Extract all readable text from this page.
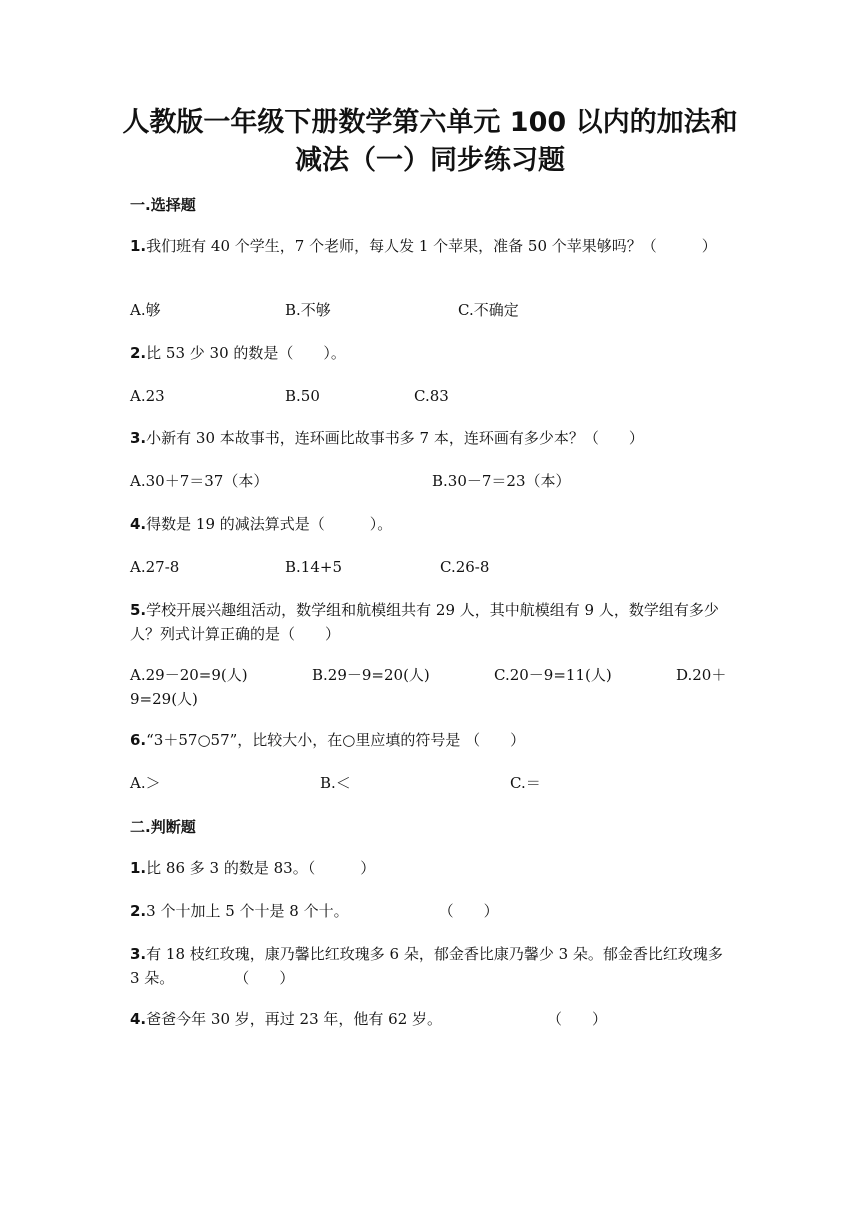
人教版一年级下册数学第六单元 100 以内的加法和
减法（一）同步练习题
一.选择题
1.我们班有 40 个学生，7 个老师，每人发 1 个苹果，准备 50 个苹果够吗？（　　　）
A.够	B.不够	C.不确定
2.比 53 少 30 的数是（　　）。
A.23	B.50	C.83
3.小新有 30 本故事书，连环画比故事书多 7 本，连环画有多少本？（　　）
A.30＋7＝37（本）	B.30－7＝23（本）
4.得数是 19 的减法算式是（　　　）。
A.27-8	B.14+5	C.26-8
5.学校开展兴趣组活动，数学组和航模组共有 29 人，其中航模组有 9 人，数学组有多少人？列式计算正确的是（　　）
A.29－20=9(人)	B.29－9=20(人)	C.20－9=11(人)	D.20＋
9=29(人)
6.“3＋57○57”，比较大小，在○里应填的符号是 （　　）
A.＞	B.＜	C.＝
二.判断题
1.比 86 多 3 的数是 83。（　　　）
2.3 个十加上 5 个十是 8 个十。　　　　　　　（　　）
3.有 18 枝红玫瑰，康乃馨比红玫瑰多 6 朵，郁金香比康乃馨少 3 朵。郁金香比红玫瑰多 3 朵。　　　　　（　　）
4.爸爸今年 30 岁，再过 23 年，他有 62 岁。　　　　　　　　（　　）
